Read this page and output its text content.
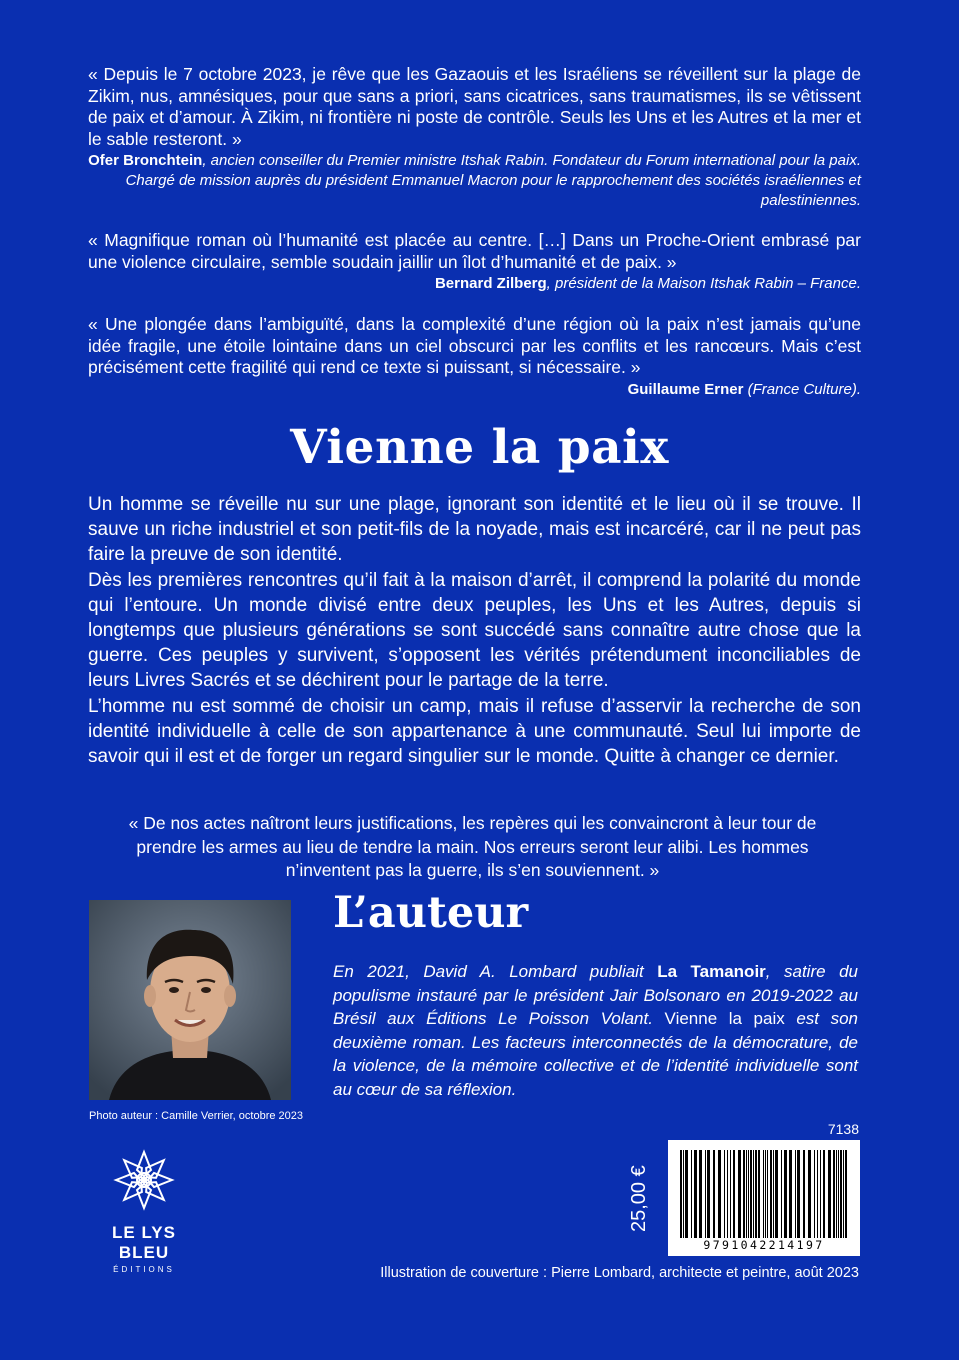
« Depuis le 7 octobre 2023, je rêve que les Gazaouis et les Israéliens se réveillent sur la plage de Zikim, nus, amnésiques, pour que sans a priori, sans cicatrices, sans traumatismes, ils se vêtissent de paix et d’amour. À Zikim, ni frontière ni poste de contrôle. Seuls les Uns et les Autres et la mer et le sable resteront. »
Ofer Bronchtein, ancien conseiller du Premier ministre Itshak Rabin. Fondateur du Forum international pour la paix. Chargé de mission auprès du président Emmanuel Macron pour le rapprochement des sociétés israéliennes et palestiniennes.
« Magnifique roman où l’humanité est placée au centre. […] Dans un Proche-Orient embrasé par une violence circulaire, semble soudain jaillir un îlot d’humanité et de paix. »
Bernard Zilberg, président de la Maison Itshak Rabin – France.
« Une plongée dans l’ambiguïté, dans la complexité d’une région où la paix n’est jamais qu’une idée fragile, une étoile lointaine dans un ciel obscurci par les conflits et les rancœurs. Mais c’est précisément cette fragilité qui rend ce texte si puissant, si nécessaire. »
Guillaume Erner (France Culture).
Vienne la paix

Un homme se réveille nu sur une plage, ignorant son identité et le lieu où il se trouve. Il sauve un riche industriel et son petit-fils de la noyade, mais est incarcéré, car il ne peut pas faire la preuve de son identité.

Dès les premières rencontres qu’il fait à la maison d’arrêt, il comprend la polarité du monde qui l’entoure. Un monde divisé entre deux peuples, les Uns et les Autres, depuis si longtemps que plusieurs générations se sont succédé sans connaître autre chose que la guerre. Ces peuples y survivent, s’opposent les vérités prétendument inconciliables de leurs Livres Sacrés et se déchirent pour le partage de la terre.

L’homme nu est sommé de choisir un camp, mais il refuse d’asservir la recherche de son identité individuelle à celle de son appartenance à une communauté. Seul lui importe de savoir qui il est et de forger un regard singulier sur le monde. Quitte à changer ce dernier.

« De nos actes naîtront leurs justifications, les repères qui les convaincront à leur tour de prendre les armes au lieu de tendre la main. Nos erreurs seront leur alibi. Les hommes n’inventent pas la guerre, ils s’en souviennent. »
Photo auteur : Camille Verrier, octobre 2023
L’auteur
En 2021, David A. Lombard publiait La Tamanoir, satire du populisme instauré par le président Jair Bolsonaro en 2019-2022 au Brésil aux Éditions Le Poisson Volant. Vienne la paix est son deuxième roman. Les facteurs interconnectés de la démocrature, de la violence, de la mémoire collective et de l’identité individuelle sont au cœur de sa réflexion.
LE LYS BLEU
ÉDITIONS
7138
25,00 €
9791042214197
Illustration de couverture : Pierre Lombard, architecte et peintre, août 2023
